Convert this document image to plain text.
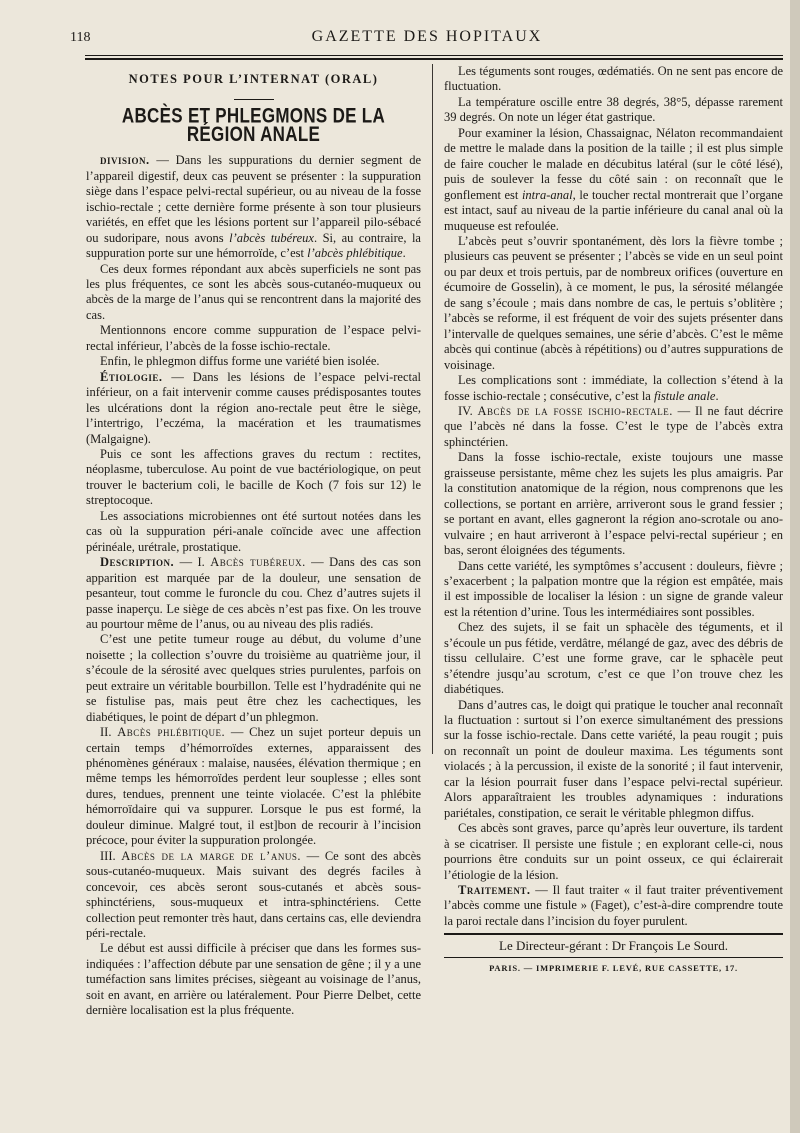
118	GAZETTE DES HOPITAUX
NOTES POUR L’INTERNAT (ORAL)
ABCÈS ET PHLEGMONS DE LA RÉGION ANALE

division. — Dans les suppurations du dernier segment de l’appareil digestif, deux cas peuvent se présenter : la suppuration siège dans l’espace pelvi-rectal supérieur, ou au niveau de la fosse ischio-rectale ; cette dernière forme présente à son tour plusieurs variétés, en effet que les lésions portent sur l’appareil pilo-sébacé ou sudoripare, nous avons l’abcès tubéreux. Si, au contraire, la suppuration porte sur une hémorroïde, c’est l’abcès phlébitique.

Ces deux formes répondant aux abcès superficiels ne sont pas les plus fréquentes, ce sont les abcès sous-cutanéo-muqueux ou abcès de la marge de l’anus qui se rencontrent dans la majorité des cas.

Mentionnons encore comme suppuration de l’espace pelvi-rectal inférieur, l’abcès de la fosse ischio-rectale.

Enfin, le phlegmon diffus forme une variété bien isolée.

Étiologie. — Dans les lésions de l’espace pelvi-rectal inférieur, on a fait intervenir comme causes prédisposantes toutes les ulcérations dont la région ano-rectale peut être le siège, l’intertrigo, l’eczéma, la macération et les traumatismes (Malgaigne).

Puis ce sont les affections graves du rectum : rectites, néoplasme, tuberculose. Au point de vue bactériologique, on peut trouver le bacterium coli, le bacille de Koch (7 fois sur 12) le streptocoque.

Les associations microbiennes ont été surtout notées dans les cas où la suppuration péri-anale coïncide avec une affection périnéale, urétrale, prostatique.

Description. — I. Abcès tubéreux. — Dans des cas son apparition est marquée par de la douleur, une sensation de pesanteur, tout comme le furoncle du cou. Chez d’autres sujets il passe inaperçu. Le siège de ces abcès n’est pas fixe. On les trouve au pourtour même de l’anus, ou au niveau des plis radiés.

C’est une petite tumeur rouge au début, du volume d’une noisette ; la collection s’ouvre du troisième au quatrième jour, il s’écoule de la sérosité avec quelques stries purulentes, parfois on peut extraire un véritable bourbillon. Telle est l’hydradénite qui ne se fistulise pas, mais peut être chez les cachectiques, les diabétiques, le point de départ d’un phlegmon.

II. Abcès phlébitique. — Chez un sujet porteur depuis un certain temps d’hémorroïdes externes, apparaissent des phénomènes généraux : malaise, nausées, élévation thermique ; en même temps les hémorroïdes perdent leur souplesse ; elles sont dures, tendues, prennent une teinte violacée. C’est la phlébite hémorroïdaire qui va suppurer. Lorsque le pus est formé, la douleur diminue. Malgré tout, il est]bon de recourir à l’incision précoce, pour éviter la suppuration prolongée.

III. Abcès de la marge de l’anus. — Ce sont des abcès sous-cutanéo-muqueux. Mais suivant des degrés faciles à concevoir, ces abcès seront sous-cutanés et abcès sous-sphinctériens, sous-muqueux et intra-sphinctériens. Cette collection peut remonter très haut, dans certains cas, elle deviendra péri-rectale.

Le début est aussi difficile à préciser que dans les formes sus-indiquées : l’affection débute par une sensation de gêne ; il y a une tuméfaction sans limites précises, siègeant au voisinage de l’anus, soit en avant, en arrière ou latéralement. Pour Pierre Delbet, cette dernière localisation est la plus fréquente.

Les téguments sont rouges, œdématiés. On ne sent pas encore de fluctuation.

La température oscille entre 38 degrés, 38°5, dépasse rarement 39 degrés. On note un léger état gastrique.

Pour examiner la lésion, Chassaignac, Nélaton recommandaient de mettre le malade dans la position de la taille ; il est plus simple de faire coucher le malade en décubitus latéral (sur le côté lésé), puis de soulever la fesse du côté sain : on reconnaît que le gonflement est intra-anal, le toucher rectal montrerait que l’organe est intact, sauf au niveau de la partie inférieure du canal anal où la muqueuse est refoulée.

L’abcès peut s’ouvrir spontanément, dès lors la fièvre tombe ; plusieurs cas peuvent se présenter ; l’abcès se vide en un seul point ou par deux et trois pertuis, par de nombreux orifices (ouverture en écumoire de Gosselin), à ce moment, le pus, la sérosité mélangée de sang s’écoule ; mais dans nombre de cas, le pertuis s’oblitère ; l’abcès se reforme, il est fréquent de voir des sujets présenter dans l’intervalle de quelques semaines, une série d’abcès. C’est le même abcès qui continue (abcès à répétitions) ou d’autres suppurations de voisinage.

Les complications sont : immédiate, la collection s’étend à la fosse ischio-rectale ; consécutive, c’est la fistule anale.

IV. Abcès de la fosse ischio-rectale. — Il ne faut décrire que l’abcès né dans la fosse. C’est le type de l’abcès extra sphinctérien.

Dans la fosse ischio-rectale, existe toujours une masse graisseuse persistante, même chez les sujets les plus amaigris. Par la constitution anatomique de la région, nous comprenons que les collections, se portant en arrière, arriveront sous le grand fessier ; se portant en avant, elles gagneront la région ano-scrotale ou ano-vulvaire ; en haut arriveront à l’espace pelvi-rectal supérieur ; en bas, seront éloignées des téguments.

Dans cette variété, les symptômes s’accusent : douleurs, fièvre ; s’exacerbent ; la palpation montre que la région est empâtée, mais il est impossible de localiser la lésion : un signe de grande valeur est la rétention d’urine. Tous les intermédiaires sont possibles.

Chez des sujets, il se fait un sphacèle des téguments, et il s’écoule un pus fétide, verdâtre, mélangé de gaz, avec des débris de tissu cellulaire. C’est une forme grave, car le sphacèle peut s’étendre jusqu’au scrotum, c’est ce que l’on trouve chez les diabétiques.

Dans d’autres cas, le doigt qui pratique le toucher anal reconnaît la fluctuation : surtout si l’on exerce simultanément des pressions sur la fosse ischio-rectale. Dans cette variété, la peau rougit ; puis on reconnaît un point de douleur maxima. Les téguments sont violacés ; à la percussion, il existe de la sonorité ; il faut intervenir, car la lésion pourrait fuser dans l’espace pelvi-rectal supérieur. Alors apparaîtraient les troubles adynamiques : indurations pariétales, constipation, ce serait le véritable phlegmon diffus.

Ces abcès sont graves, parce qu’après leur ouverture, ils tardent à se cicatriser. Il persiste une fistule ; en explorant celle-ci, nous pourrions être conduits sur un point osseux, ce qui éclairerait l’étiologie de la lésion.

Traitement. — Il faut traiter « il faut traiter préventivement l’abcès comme une fistule » (Faget), c’est-à-dire comprendre toute la paroi rectale dans l’incision du foyer purulent.

Le Directeur-gérant : Dr François Le Sourd.
PARIS. — IMPRIMERIE F. LEVÉ, RUE CASSETTE, 17.
